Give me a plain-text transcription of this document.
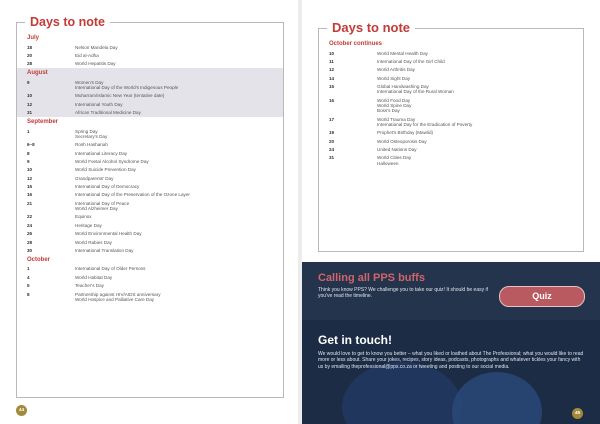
Days to note
July
18	Nelson Mandela Day
20	Eid al-Adha
28	World Hepatitis Day
August
9	Women's Day
International Day of the World's Indigenous People
10	Muharram/Islamic New Year (tentative date)
12	International Youth Day
31	African Traditional Medicine Day
September
1	Spring Day
Secretary's Day
6–8	Rosh Hashanah
8	International Literacy Day
9	World Foetal Alcohol Syndrome Day
10	World Suicide Prevention Day
12	Grandparents' Day
15	International Day of Democracy
16	International Day of the Preservation of the Ozone Layer
21	International Day of Peace
World Alzheimer Day
22	Equinox
24	Heritage Day
26	World Environmental Health Day
28	World Rabies Day
30	International Translation Day
October
1	International Day of Older Persons
4	World Habitat Day
5	Teacher's Day
8	Partnership against HIV/AIDS anniversary
World Hospice and Palliative Care Day
44
Days to note
October continues
10	World Mental Health Day
11	International Day of the Girl Child
12	World Arthritis Day
14	World Sight Day
15	Global Handwashing Day
International Day of the Rural Woman
16	World Food Day
World Spine Day
Boss's Day
17	World Trauma Day
International Day for the Eradication of Poverty
19	Prophet's Birthday (Mawlid)
20	World Osteoporosis Day
24	United Nations Day
31	World Cities Day
Halloween
Calling all PPS buffs
Think you know PPS? We challenge you to take our quiz! It should be easy if you've read the timeline.	Quiz
Get in touch!
We would love to get to know you better – what you liked or loathed about The Professional; what you would like to read more or less about. Share your jokes, recipes, story ideas, podcasts, photographs and whatever tickles your fancy with us by emailing theprofessional@pps.co.za or tweeting and posting to our social media.
45
